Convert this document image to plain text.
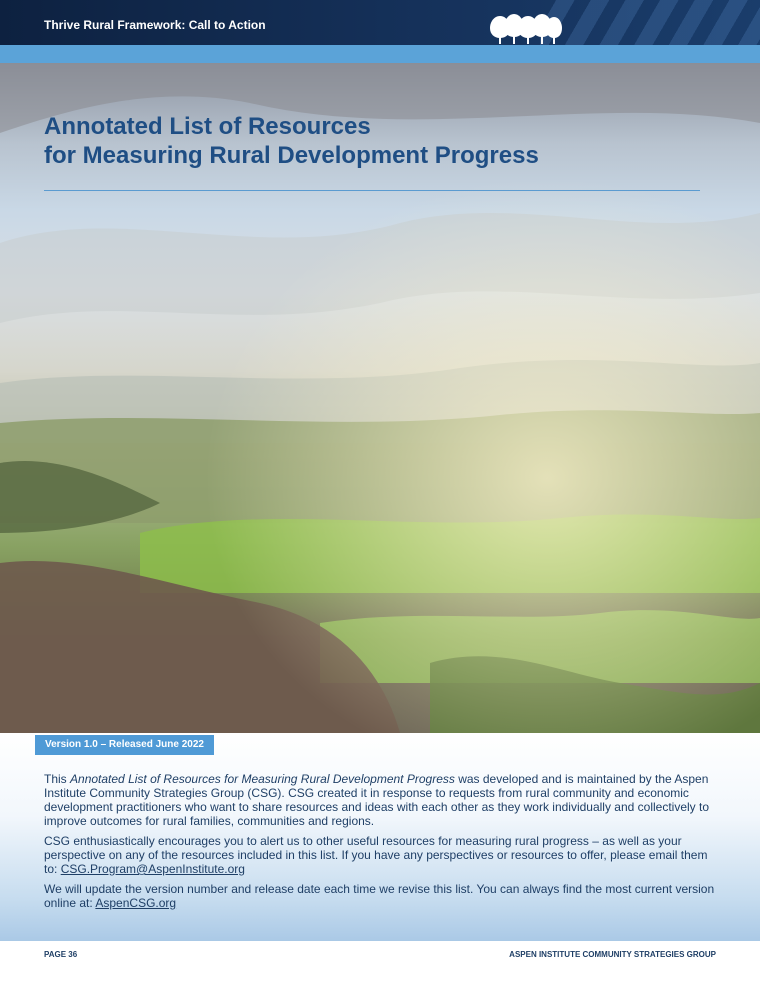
Thrive Rural Framework: Call to Action
Annotated List of Resources
for Measuring Rural Development Progress
Version 1.0 – Released June 2022

This Annotated List of Resources for Measuring Rural Development Progress was developed and is maintained by the Aspen Institute Community Strategies Group (CSG). CSG created it in response to requests from rural community and economic development practitioners who want to share resources and ideas with each other as they work individually and collectively to improve outcomes for rural families, communities and regions.

CSG enthusiastically encourages you to alert us to other useful resources for measuring rural progress – as well as your perspective on any of the resources included in this list. If you have any perspectives or resources to offer, please email them to: CSG.Program@AspenInstitute.org

We will update the version number and release date each time we revise this list. You can always find the most current version online at: AspenCSG.org

PAGE 36	ASPEN INSTITUTE COMMUNITY STRATEGIES GROUP
